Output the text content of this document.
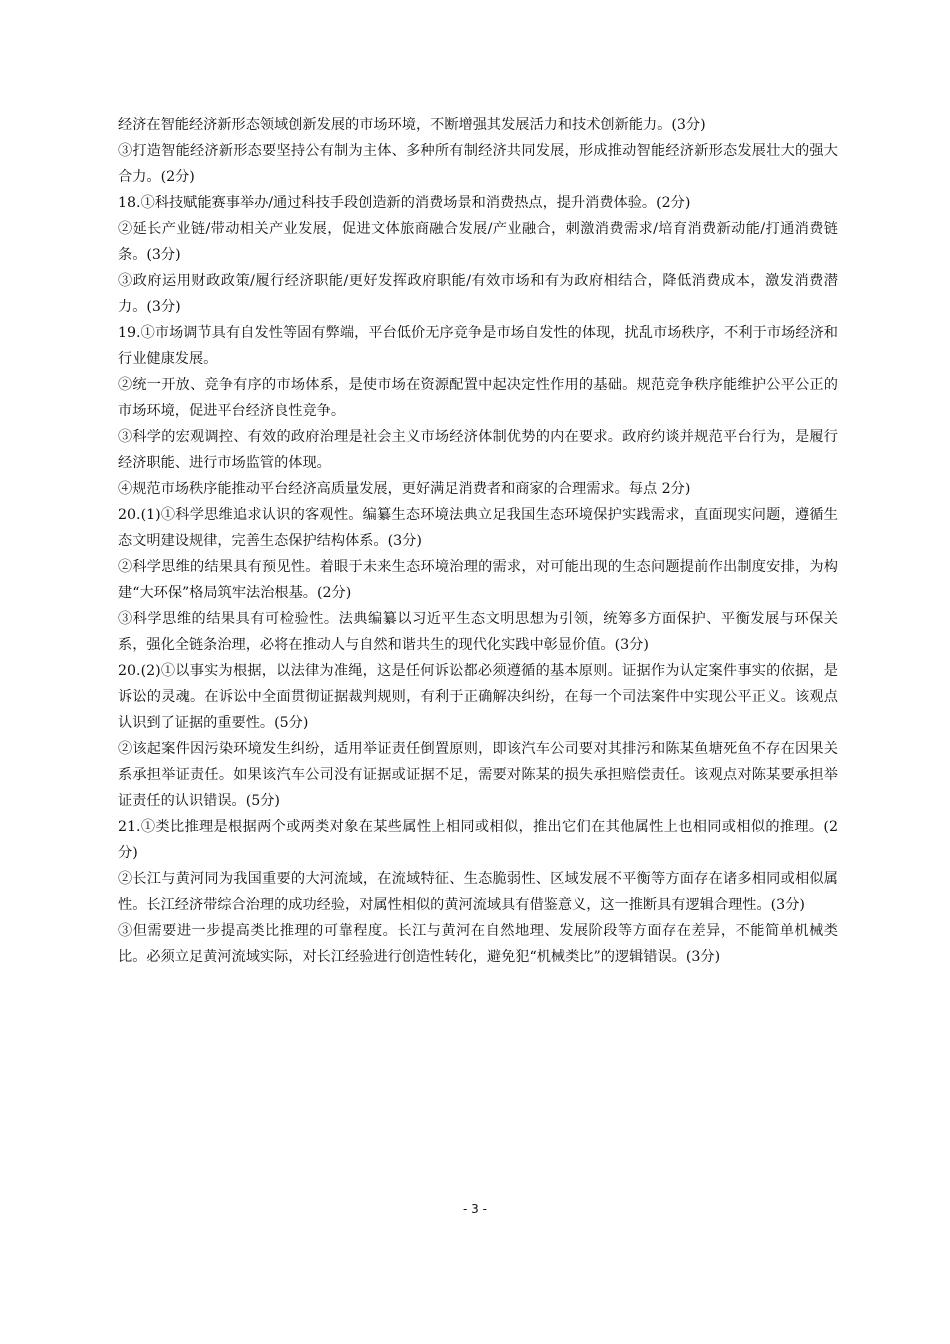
经济在智能经济新形态领域创新发展的市场环境，不断增强其发展活力和技术创新能力。(3分)

③打造智能经济新形态要坚持公有制为主体、多种所有制经济共同发展，形成推动智能经济新形态发展壮大的强大合力。(2分)

18.①科技赋能赛事举办/通过科技手段创造新的消费场景和消费热点，提升消费体验。(2分)

②延长产业链/带动相关产业发展，促进文体旅商融合发展/产业融合，刺激消费需求/培育消费新动能/打通消费链条。(3分)

③政府运用财政政策/履行经济职能/更好发挥政府职能/有效市场和有为政府相结合，降低消费成本，激发消费潜力。(3分)

19.①市场调节具有自发性等固有弊端，平台低价无序竞争是市场自发性的体现，扰乱市场秩序，不利于市场经济和行业健康发展。

②统一开放、竞争有序的市场体系，是使市场在资源配置中起决定性作用的基础。规范竞争秩序能维护公平公正的市场环境，促进平台经济良性竞争。

③科学的宏观调控、有效的政府治理是社会主义市场经济体制优势的内在要求。政府约谈并规范平台行为，是履行经济职能、进行市场监管的体现。

④规范市场秩序能推动平台经济高质量发展，更好满足消费者和商家的合理需求。每点 2分)

20.(1)①科学思维追求认识的客观性。编纂生态环境法典立足我国生态环境保护实践需求，直面现实问题，遵循生态文明建设规律，完善生态保护结构体系。(3分)

②科学思维的结果具有预见性。着眼于未来生态环境治理的需求，对可能出现的生态问题提前作出制度安排，为构建“大环保”格局筑牢法治根基。(2分)

③科学思维的结果具有可检验性。法典编纂以习近平生态文明思想为引领，统筹多方面保护、平衡发展与环保关系，强化全链条治理，必将在推动人与自然和谐共生的现代化实践中彰显价值。(3分)

20.(2)①以事实为根据，以法律为准绳，这是任何诉讼都必须遵循的基本原则。证据作为认定案件事实的依据，是诉讼的灵魂。在诉讼中全面贯彻证据裁判规则，有利于正确解决纠纷，在每一个司法案件中实现公平正义。该观点认识到了证据的重要性。(5分)

②该起案件因污染环境发生纠纷，适用举证责任倒置原则，即该汽车公司要对其排污和陈某鱼塘死鱼不存在因果关系承担举证责任。如果该汽车公司没有证据或证据不足，需要对陈某的损失承担赔偿责任。该观点对陈某要承担举证责任的认识错误。(5分)

21.①类比推理是根据两个或两类对象在某些属性上相同或相似，推出它们在其他属性上也相同或相似的推理。(2分)

②长江与黄河同为我国重要的大河流域，在流域特征、生态脆弱性、区域发展不平衡等方面存在诸多相同或相似属性。长江经济带综合治理的成功经验，对属性相似的黄河流域具有借鉴意义，这一推断具有逻辑合理性。(3分)

③但需要进一步提高类比推理的可靠程度。长江与黄河在自然地理、发展阶段等方面存在差异，不能简单机械类比。必须立足黄河流域实际，对长江经验进行创造性转化，避免犯“机械类比”的逻辑错误。(3分)

- 3 -
